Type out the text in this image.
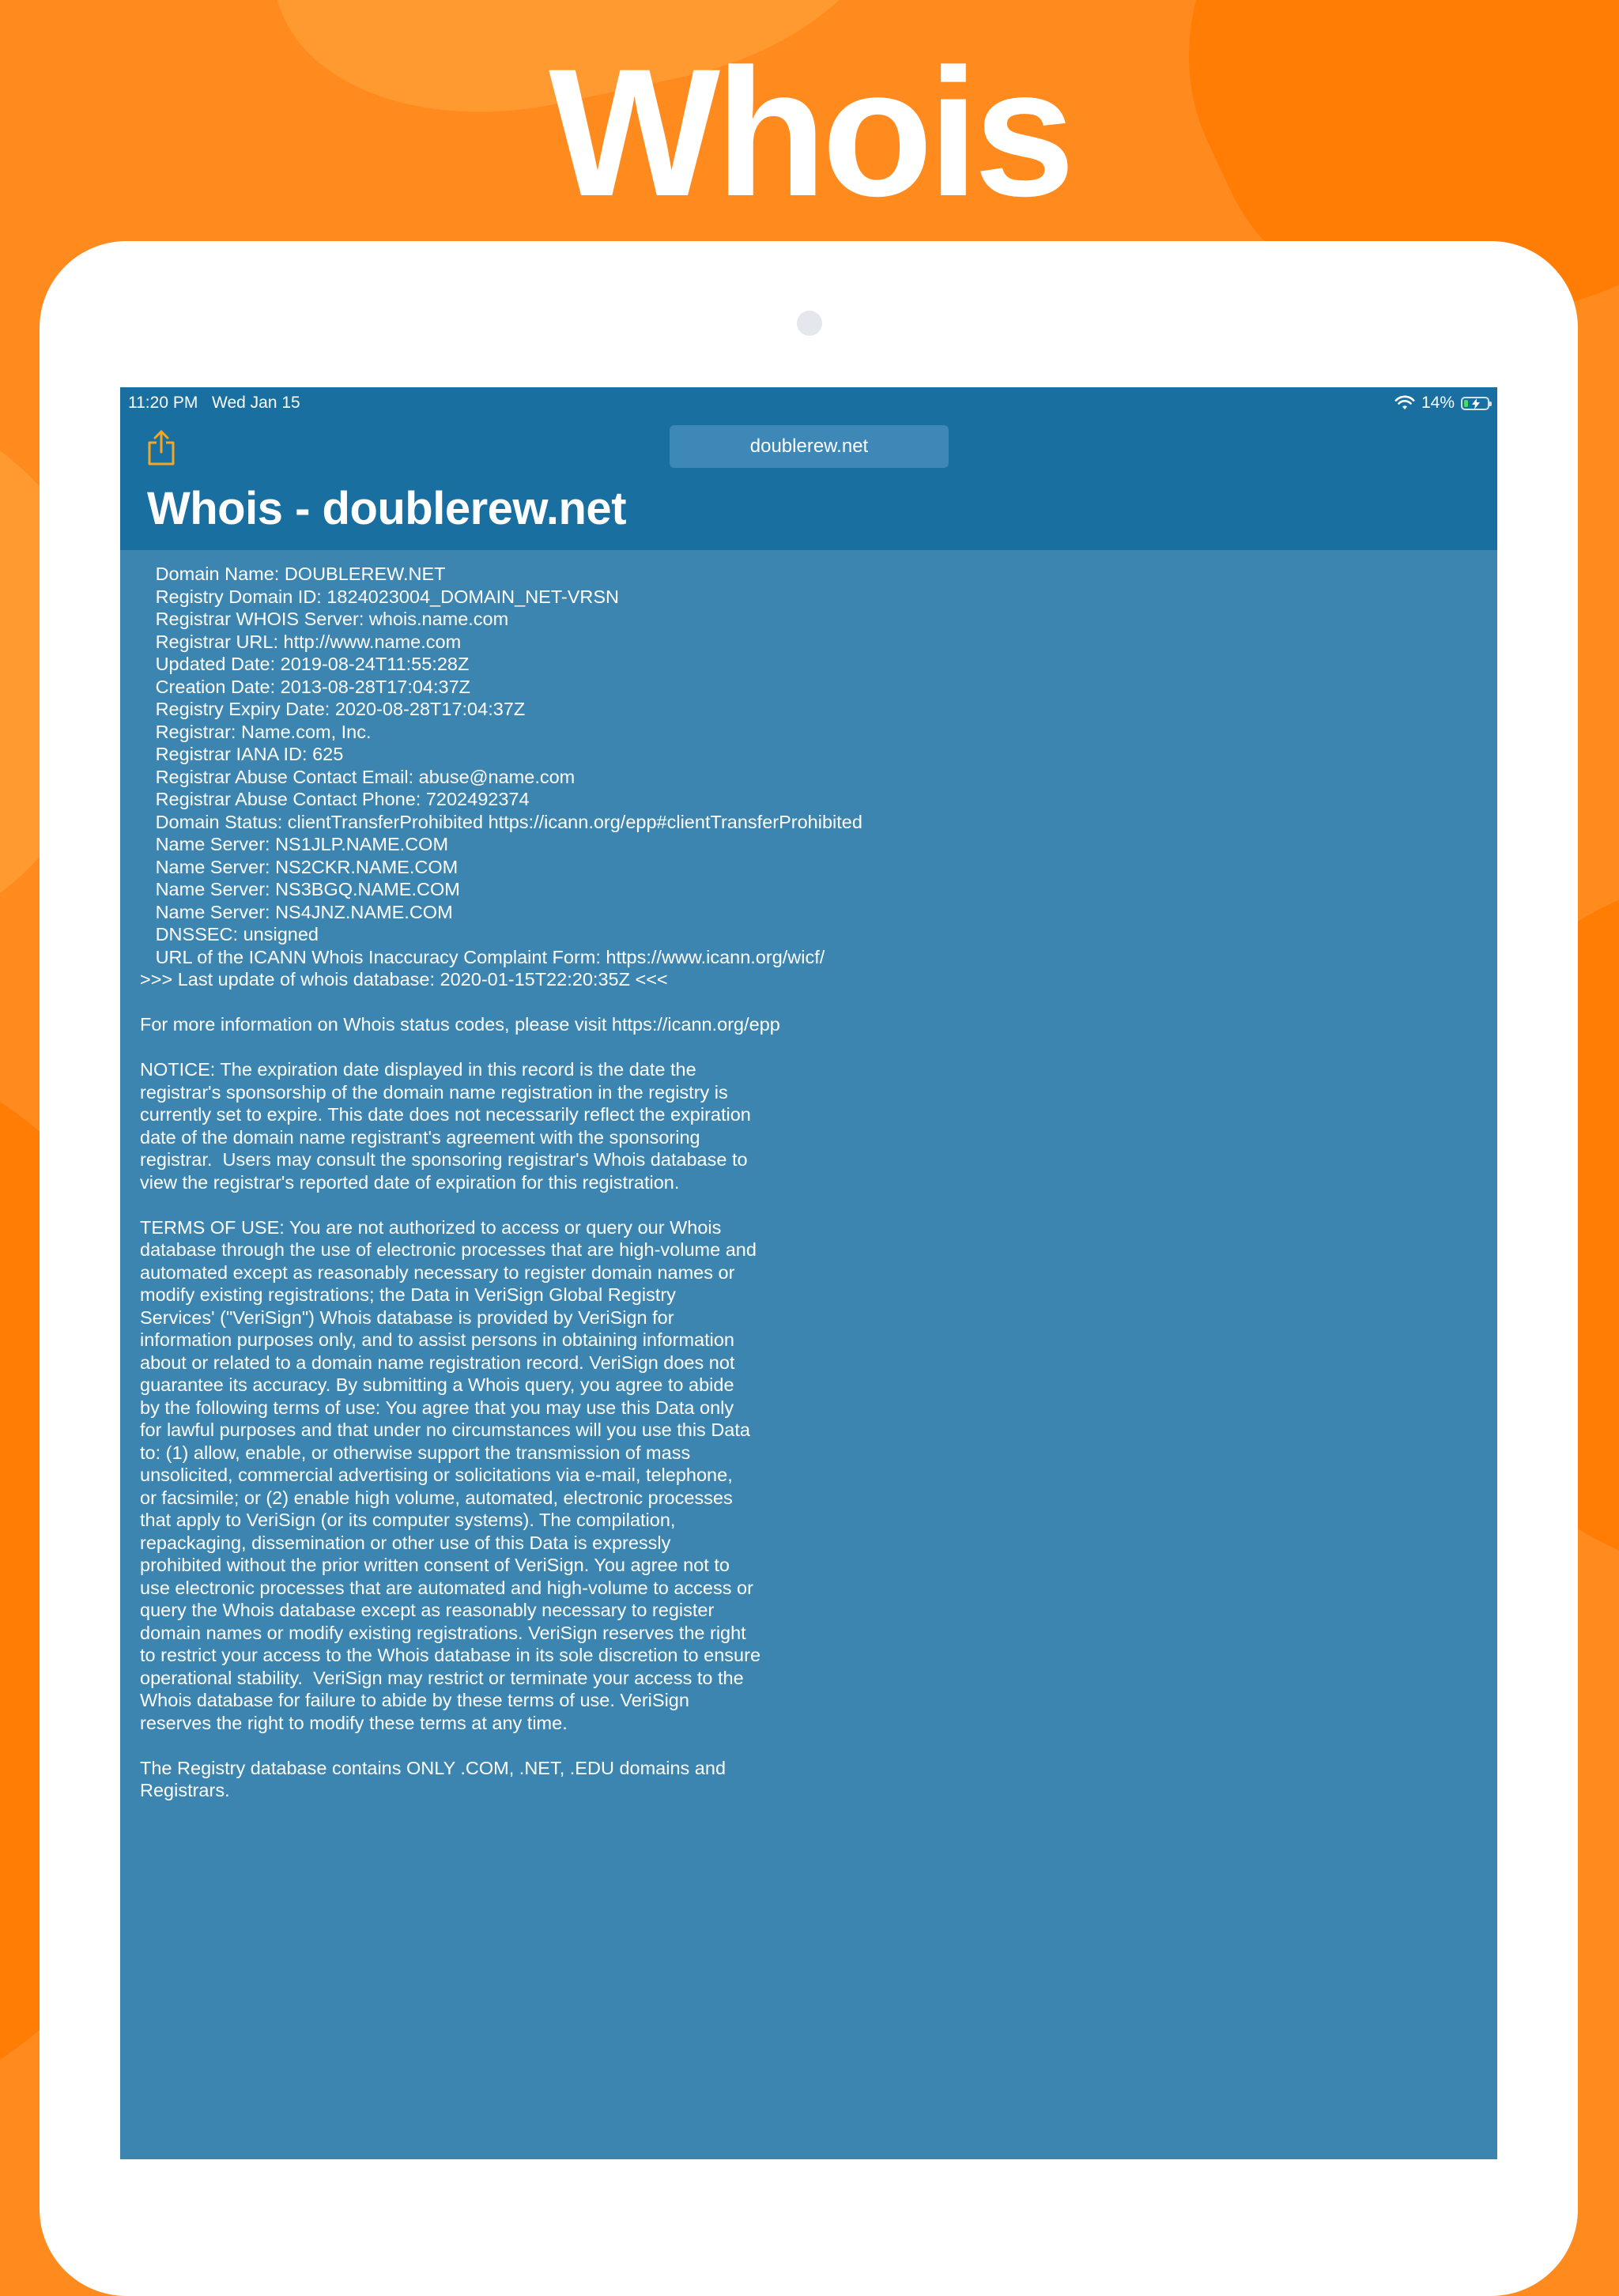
Whois
11:20 PM Wed Jan 15	14%
doublerew.net
Whois - doublerew.net
Domain Name: DOUBLEREW.NET
Registry Domain ID: 1824023004_DOMAIN_NET-VRSN
Registrar WHOIS Server: whois.name.com
Registrar URL: http://www.name.com
Updated Date: 2019-08-24T11:55:28Z
Creation Date: 2013-08-28T17:04:37Z
Registry Expiry Date: 2020-08-28T17:04:37Z
Registrar: Name.com, Inc.
Registrar IANA ID: 625
Registrar Abuse Contact Email: abuse@name.com
Registrar Abuse Contact Phone: 7202492374
Domain Status: clientTransferProhibited https://icann.org/epp#clientTransferProhibited
Name Server: NS1JLP.NAME.COM
Name Server: NS2CKR.NAME.COM
Name Server: NS3BGQ.NAME.COM
Name Server: NS4JNZ.NAME.COM
DNSSEC: unsigned
URL of the ICANN Whois Inaccuracy Complaint Form: https://www.icann.org/wicf/
>>> Last update of whois database: 2020-01-15T22:20:35Z <<<
For more information on Whois status codes, please visit https://icann.org/epp
NOTICE: The expiration date displayed in this record is the date the
registrar's sponsorship of the domain name registration in the registry is
currently set to expire. This date does not necessarily reflect the expiration
date of the domain name registrant's agreement with the sponsoring
registrar.  Users may consult the sponsoring registrar's Whois database to
view the registrar's reported date of expiration for this registration.
TERMS OF USE: You are not authorized to access or query our Whois
database through the use of electronic processes that are high-volume and
automated except as reasonably necessary to register domain names or
modify existing registrations; the Data in VeriSign Global Registry
Services' ("VeriSign") Whois database is provided by VeriSign for
information purposes only, and to assist persons in obtaining information
about or related to a domain name registration record. VeriSign does not
guarantee its accuracy. By submitting a Whois query, you agree to abide
by the following terms of use: You agree that you may use this Data only
for lawful purposes and that under no circumstances will you use this Data
to: (1) allow, enable, or otherwise support the transmission of mass
unsolicited, commercial advertising or solicitations via e-mail, telephone,
or facsimile; or (2) enable high volume, automated, electronic processes
that apply to VeriSign (or its computer systems). The compilation,
repackaging, dissemination or other use of this Data is expressly
prohibited without the prior written consent of VeriSign. You agree not to
use electronic processes that are automated and high-volume to access or
query the Whois database except as reasonably necessary to register
domain names or modify existing registrations. VeriSign reserves the right
to restrict your access to the Whois database in its sole discretion to ensure
operational stability.  VeriSign may restrict or terminate your access to the
Whois database for failure to abide by these terms of use. VeriSign
reserves the right to modify these terms at any time.
The Registry database contains ONLY .COM, .NET, .EDU domains and
Registrars.
